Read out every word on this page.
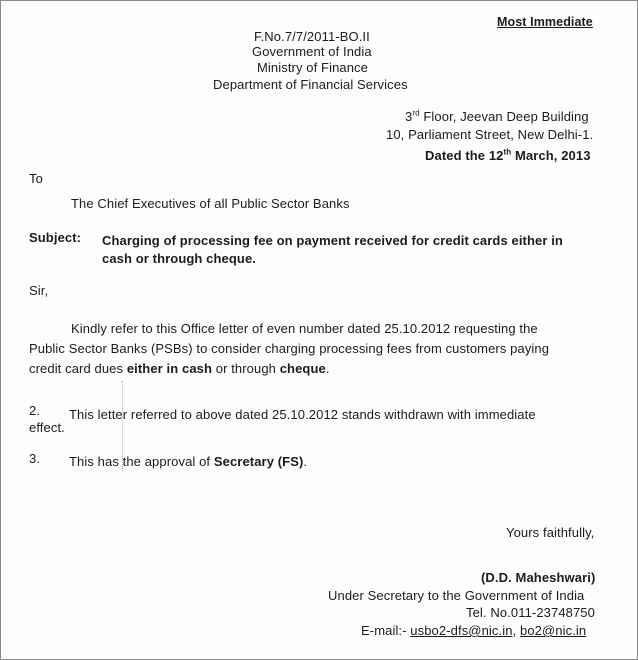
Most Immediate
F.No.7/7/2011-BO.II
Government of India
Ministry of Finance
Department of Financial Services
3rd Floor, Jeevan Deep Building
10, Parliament Street, New Delhi-1.
Dated the 12th March, 2013
To
The Chief Executives of all Public Sector Banks
Subject: Charging of processing fee on payment received for credit cards either in
cash or through cheque.
Sir,
Kindly refer to this Office letter of even number dated 25.10.2012 requesting the
Public Sector Banks (PSBs) to consider charging processing fees from customers paying
credit card dues either in cash or through cheque.
2. This letter referred to above dated 25.10.2012 stands withdrawn with immediate
effect.
3. This has the approval of Secretary (FS).
Yours faithfully,
(D.D. Maheshwari)
Under Secretary to the Government of India
Tel. No.011-23748750
E-mail:- usbo2-dfs@nic.in, bo2@nic.in
